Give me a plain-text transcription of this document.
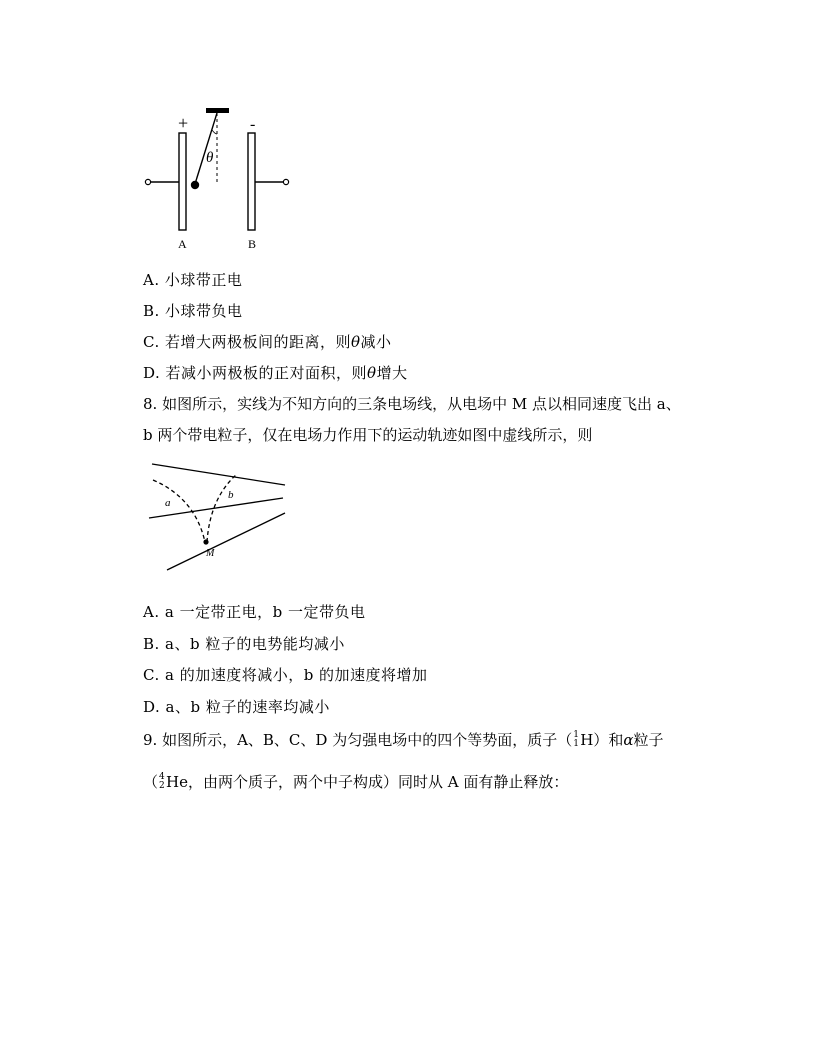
+	-
θ
A	B
A. 小球带正电
B. 小球带负电
C. 若增大两极板间的距离，则θ减小
D. 若减小两极板的正对面积，则θ增大
8. 如图所示，实线为不知方向的三条电场线，从电场中 M 点以相同速度飞出 a、
b 两个带电粒子，仅在电场力作用下的运动轨迹如图中虚线所示，则
a
b
M
A. a 一定带正电，b 一定带负电
B. a、b 粒子的电势能均减小
C. a 的加速度将减小，b 的加速度将增加
D. a、b 粒子的速率均减小
9. 如图所示，A、B、C、D 为匀强电场中的四个等势面，质子（ 1
1 H）和α粒子
（ 4
2 He，由两个质子，两个中子构成）同时从 A 面有静止释放：
